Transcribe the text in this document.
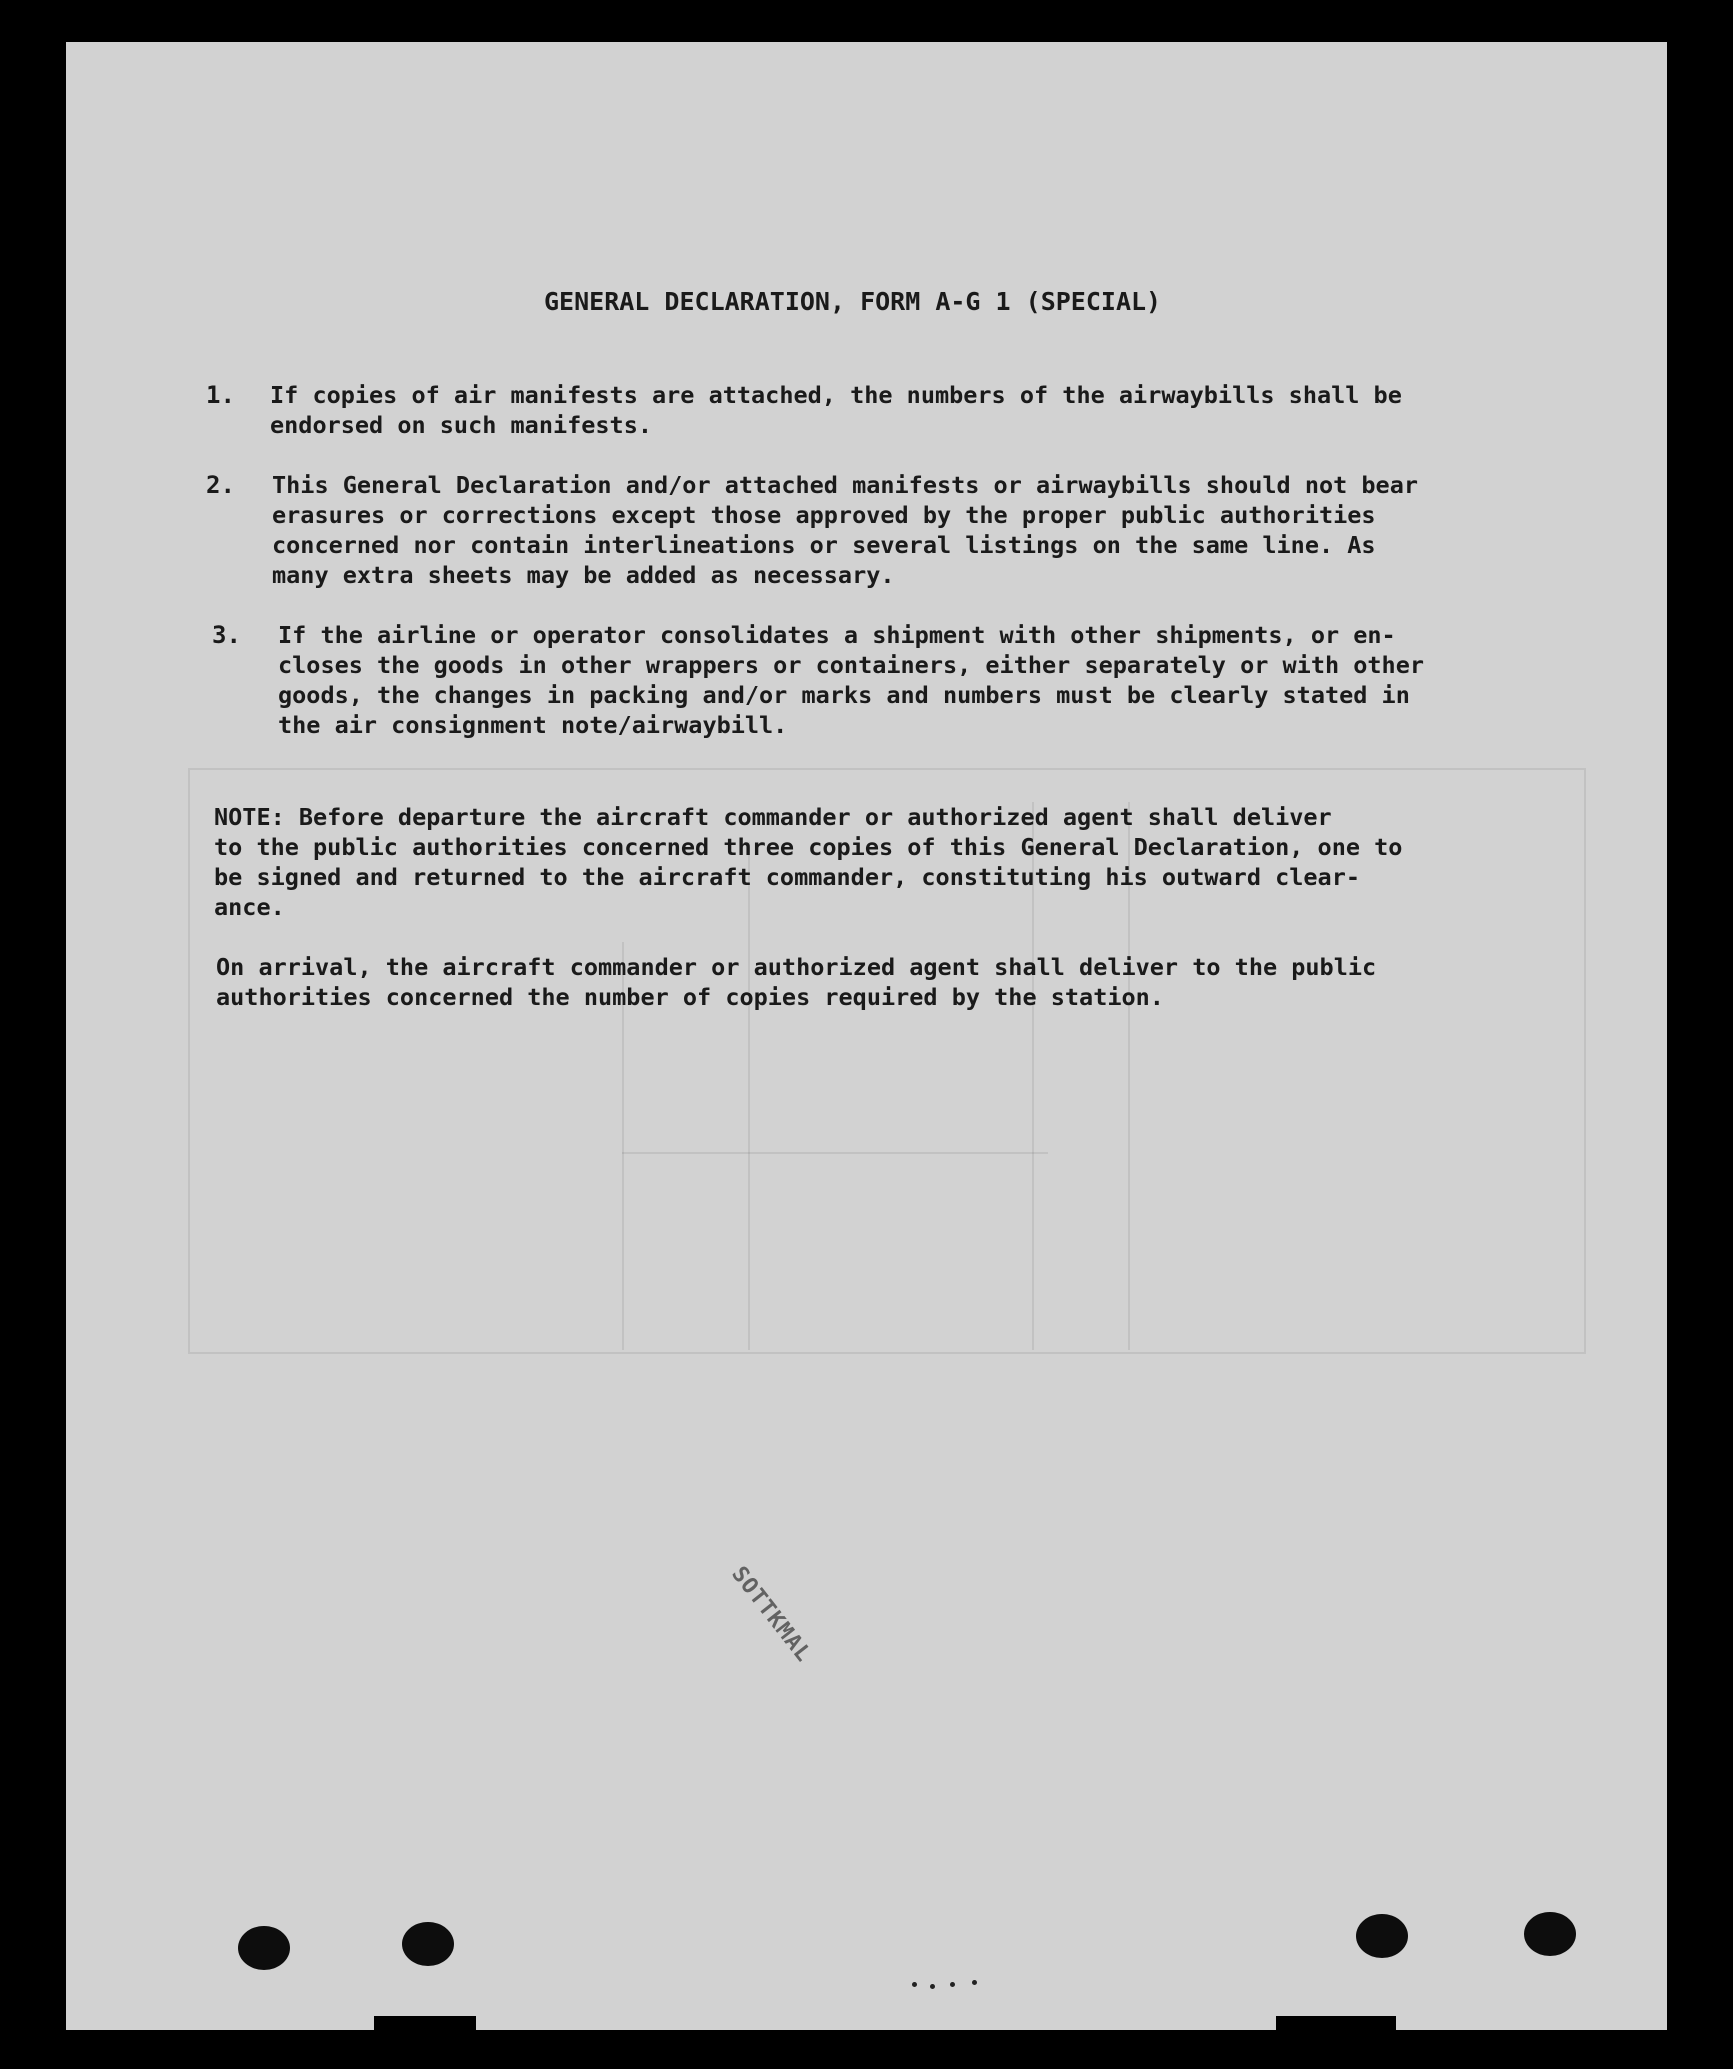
GENERAL DECLARATION, FORM A-G 1 (SPECIAL)
1. If copies of air manifests are attached, the numbers of the airwaybills shall be
endorsed on such manifests.
2. This General Declaration and/or attached manifests or airwaybills should not bear
erasures or corrections except those approved by the proper public authorities
concerned nor contain interlineations or several listings on the same line. As
many extra sheets may be added as necessary.
3. If the airline or operator consolidates a shipment with other shipments, or en-
closes the goods in other wrappers or containers, either separately or with other
goods, the changes in packing and/or marks and numbers must be clearly stated in
the air consignment note/airwaybill.
NOTE: Before departure the aircraft commander or authorized agent shall deliver
to the public authorities concerned three copies of this General Declaration, one to
be signed and returned to the aircraft commander, constituting his outward clear-
ance.
On arrival, the aircraft commander or authorized agent shall deliver to the public
authorities concerned the number of copies required by the station.
SOTTKMAL
